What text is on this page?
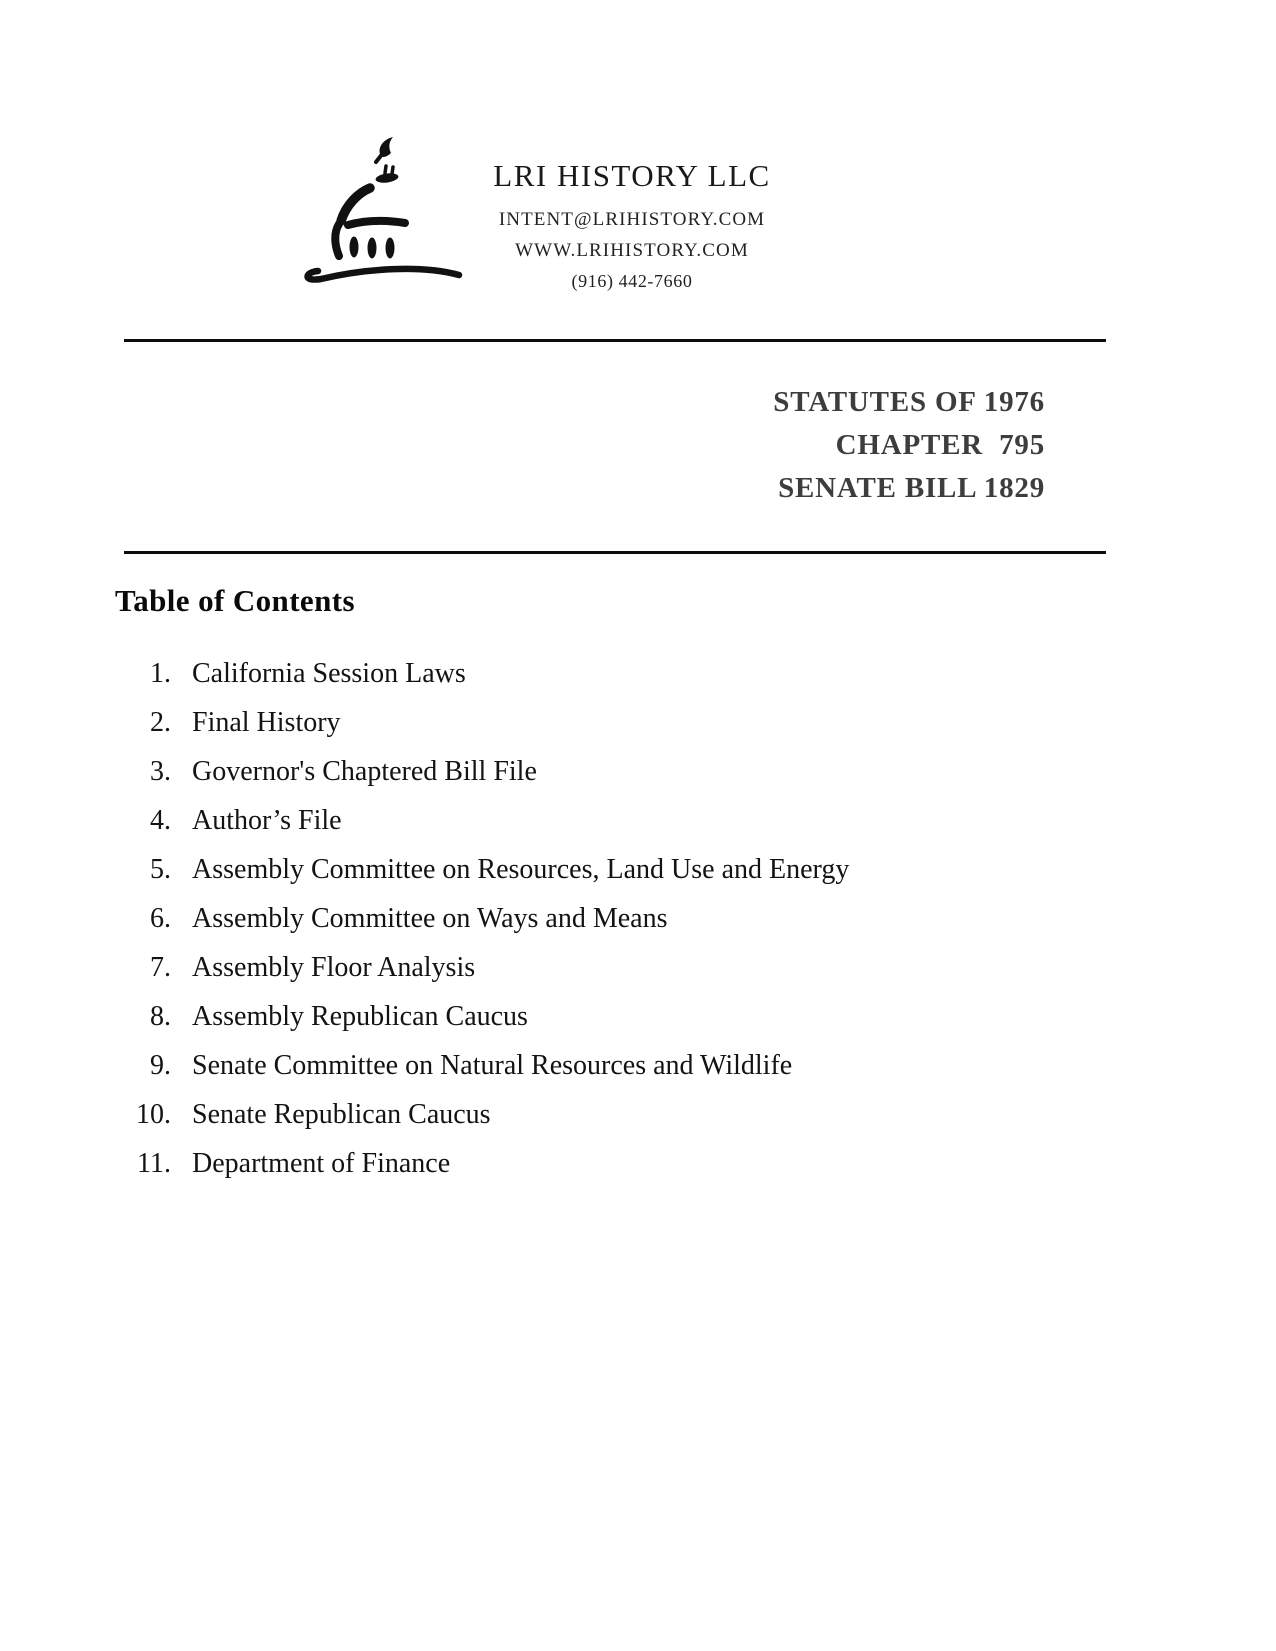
LRI HISTORY LLC
INTENT@LRIHISTORY.COM
WWW.LRIHISTORY.COM
(916) 442-7660
STATUTES OF 1976
CHAPTER  795
SENATE BILL 1829
Table of Contents
1. California Session Laws
2. Final History
3. Governor's Chaptered Bill File
4. Author’s File
5. Assembly Committee on Resources, Land Use and Energy
6. Assembly Committee on Ways and Means
7. Assembly Floor Analysis
8. Assembly Republican Caucus
9. Senate Committee on Natural Resources and Wildlife
10. Senate Republican Caucus
11. Department of Finance
